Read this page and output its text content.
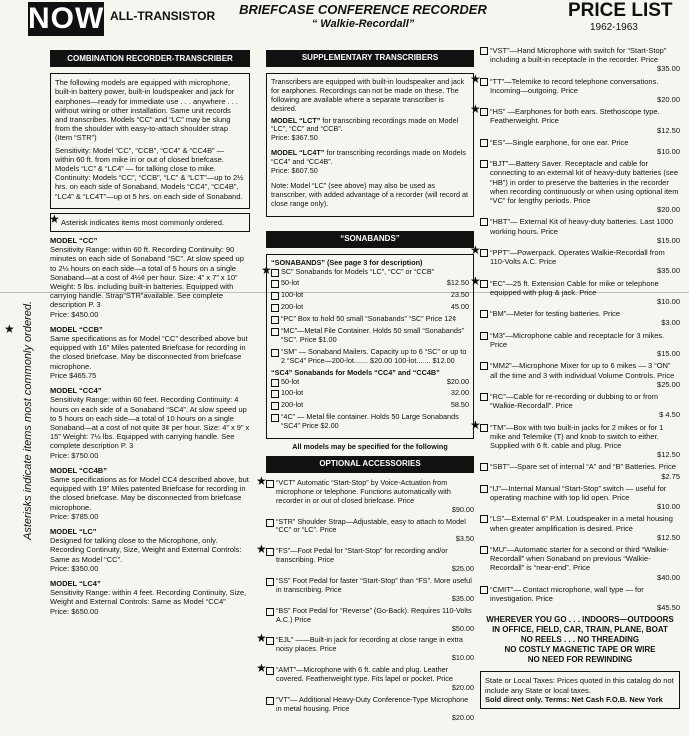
NOW ALL-TRANSISTOR	BRIEFCASE CONFERENCE RECORDER
“ Walkie-Recordall”
PRICE LIST
1962-1963
Asterisks indicate items most commonly ordered.
COMBINATION RECORDER-TRANSCRIBER

The following models are equipped with microphone, built-in battery power, built-in loudspeaker and jack for earphones—ready for immediate use . . . anywhere . . . without wiring or other installation. Same unit records and transcribes. Models “CC” and “LC” may be slung from the shoulder with easy-to-attach shoulder strap (Item “STR”)

Sensitivity: Model “CC”, “CCB”, “CC4” & “CC4B” — within 60 ft. from mike in or out of closed briefcase. Models “LC” & “LC4” — for talking close to mike. Continuity: Models “CC”, “CCB”, “LC” & “LCT”—up to 2½ hrs. on each side of Sonaband. Models “CC4”, “CC4B”, “LC4” & “LC4T”—up ot 5 hrs. on each side of Sonaband.

★ Asterisk indicates items most commonly ordered.
MODEL “CC”
Sensitivity Range: within 60 ft. Recording Continuity: 90 minutes on each side of Sonaband “SC”. At slow speed up to 2½ hours on each side—a total of 5 hours on a single Sonaband—at a cost of 4½¢ per hour. Size: 4” x 7” x 10” Weight: 5 lbs. including built-in batteries. Equipped with carrying handle. Strap“STR”available. See complete description P. 3
Price: $450.00
★	MODEL “CCB”
Same specifications as for Model “CC” described above but equipped with 16” Miles patented Briefcase for recording in the closed briefcase. May be disconnected from briefcase microphone.
Price $465.75
MODEL “CC4”
Sensitivity Range: within 60 feet. Recording Continuity: 4 hours on each side of a Sonaband “SC4”. At slow speed up to 5 hours on each side—a total of 10 hours on a single Sonaband—at a cost of not quite 3¢ per hour. Size: 4” x 9” x 15” Weight: 7½ lbs. Equipped with carrying handle. See complete description P. 3
Price: $750.00
MODEL “CC4B”
Same specifications as for Model CC4 described above, but equipped with 19” Miles patented Briefcase for recording in the closed briefcase. May be disconnected from briefcase microphone.
Price: $785.00
MODEL “LC”
Designed for talking close to the Microphone, only. Recording Continuity, Size, Weight and External Controls: Same as Model “CC”.
Price: $350.00
MODEL “LC4”
Sensitivity Range: within 4 feet. Recording Continuity, Size, Weight and External Controls: Same as Model “CC4”
Price: $650.00
SUPPLEMENTARY TRANSCRIBERS

Transcribers are equipped with built-in loudspeaker and jack for earphones. Recordings can not be made on these. The following are available where a separate transcriber is desired.

MODEL “LCT” for transcribing recordings made on Model “LC”, “CC” and “CCB”.
Price: $367.50
MODEL “LC4T” for transcribing recordings made on Models “CC4” and “CC4B”.
Price: $607.50

Note: Model “LC” (see above) may also be used as transcriber, with added advantage of a recorder (will record at close range only).

“SONABANDS”
“SONABANDS” (See page 3 for description)
★ SC” Sonabands for Models “LC”, “CC” or “CCB”
50-lot	$12.50
100-lot	23.50
200-lot	45.00
“PC” Box to hold 50 small “Sonabands” “SC” Price 12¢
“MC”—Metal File Container. Holds 50 small “Sonabands” “SC”. Price $1.00
“SM” — Sonaband Mailers. Capacity up to 6 “SC” or up to 2 “SC4” Price—200-lot....... $20.00 100-lot....... $12.00
“SC4” Sonabands for Models “CC4” and “CC4B”
50-lot	$20.00
100-lot	32.00
200-lot	58.50
“4C” — Metal file container. Holds 50 Large Sonabands “SC4” Price $2.00
All models may be specified for the following
OPTIONAL ACCESSORIES
★ “VCT” Automatic “Start-Stop” by Voice-Actuation from microphone or telephone. Functions automatically with recorder in or out of closed briefcase. Price
$90.00
“STR” Shoulder Strap—Adjustable, easy to attach to Model “CC” or “LC”. Price
$3.50
★ “FS”—Foot Pedal for “Start-Stop” for recording and/or transcribing. Price
$25.00
“SS” Foot Pedal for faster “Start-Stop” than “FS”. More useful in transcribing. Price
$35.00
“BS” Foot Pedal for “Reverse” (Go-Back). Requires 110-Volts A.C.) Price
$50.00
★ “EJL” ——Built-in jack for recording at close range in extra noisy places. Price
$10.00
★ “AMT”—Microphone with 6 ft. cable and plug. Leather covered. Featherweight type. Fits lapel or pocket. Price
$20.00
“VT”— Additional Heavy-Duty Conference-Type Microphone in metal housing. Price
$20.00
“VST”—Hand Microphone with switch for “Start-Stop” including a built-in receptacle in the recorder. Price
$35.00
★ “TT”—Telemike to record telephone conversations. Incoming—outgoing. Price
$20.00
★ “HS” —Earphones for both ears. Stethoscope type. Featherweight. Price
$12.50
“ES”—Single earphone, for one ear. Price
$10.00
“BJT”—Battery Saver. Receptacle and cable for connecting to an external kit of heavy-duty batteries (see “HB”) in order to preserve the batteries in the recorder when recording continuously or when using optional item “VC” for lengthy periods. Price
$20.00
“HBT”— External Kit of heavy-duty batteries. Last 1000 working hours. Price
$15.00
★ “PPT”—Powerpack. Operates Walkie-Recordall from 110-Volts A.C. Price
$35.00
★ “EC”—25 ft. Extension Cable for mike or telephone equipped with plug & jack. Price
$10.00
“BM”—Meter for testing batteries. Price
$3.00
“M3”—Microphone cable and receptacle for 3 mikes. Price
$15.00
“MM2”—Microphone Mixer for up to 6 mikes — 3 “ON” all the time and 3 with individual Volume Controls. Price
$25.00
“RC”—Cable for re-recording or dubbing to or from “Walkie-Recordall”. Price
$ 4.50
★ “TM”—Box with two built-in jacks for 2 mikes or for 1 mike and Telemike (T) and knob to switch to either. Supplied with 6 ft. cable and plug. Price
$12.50
“SBT”—Spare set of internal “A” and “B” Batteries. Price
$2.75
“IJ”—Internal Manual “Start-Stop” switch — useful for operating machine with top lid open. Price
$10.00
“LS”—External 6” P.M. Loudspeaker in a metal housing when greater amplification is desired. Price
$12.50
“MU”—Automatic starter for a second or third “Walkie-Recordall” when Sonaband on previous “Walkie-Recordall” is “near-end”. Price
$40.00
“CMIT”— Contact microphone, wall type — for investigation. Price
$45.50
WHEREVER YOU GO . . . INDOORS—OUTDOORS
IN OFFICE, FIELD, CAR, TRAIN, PLANE, BOAT
NO REELS . . . NO THREADING
NO COSTLY MAGNETIC TAPE OR WIRE
NO NEED FOR REWINDING
State or Local Taxes: Prices quoted in this catalog do not include any State or local taxes.
Sold direct only. Terms: Net Cash F.O.B. New York
